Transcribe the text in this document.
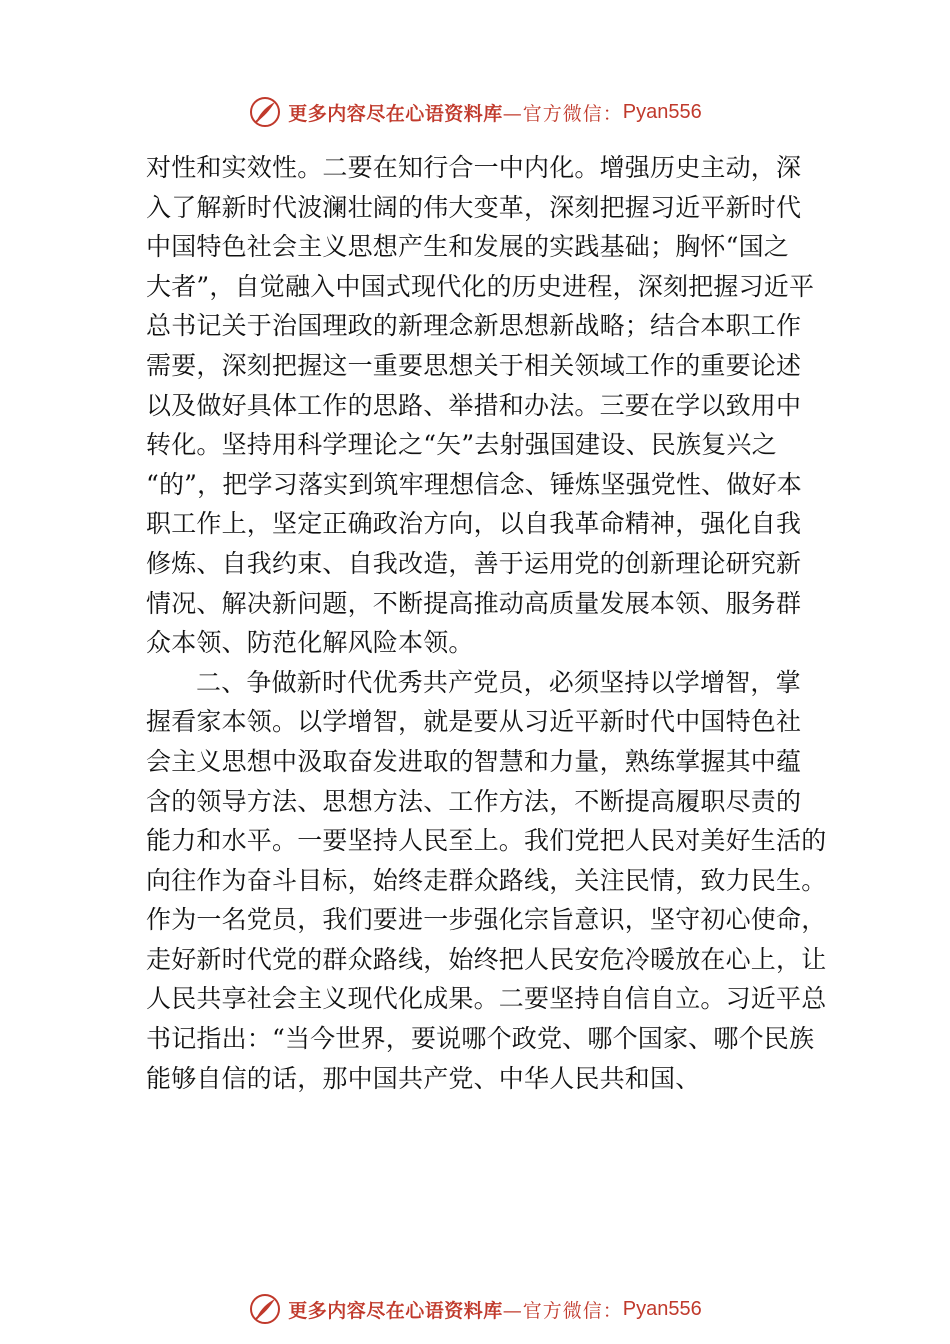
更多内容尽在心语资料库 —官方微信： Pyan556
对性和实效性。二要在知行合一中内化。增强历史主动，深
入了解新时代波澜壮阔的伟大变革，深刻把握习近平新时代
中国特色社会主义思想产生和发展的实践基础；胸怀“国之
大者”，自觉融入中国式现代化的历史进程，深刻把握习近平
总书记关于治国理政的新理念新思想新战略；结合本职工作
需要，深刻把握这一重要思想关于相关领域工作的重要论述
以及做好具体工作的思路、举措和办法。三要在学以致用中
转化。坚持用科学理论之“矢”去射强国建设、民族复兴之
“的”，把学习落实到筑牢理想信念、锤炼坚强党性、做好本
职工作上，坚定正确政治方向，以自我革命精神，强化自我
修炼、自我约束、自我改造，善于运用党的创新理论研究新
情况、解决新问题，不断提高推动高质量发展本领、服务群
众本领、防范化解风险本领。
二、争做新时代优秀共产党员，必须坚持以学增智，掌
握看家本领。以学增智，就是要从习近平新时代中国特色社
会主义思想中汲取奋发进取的智慧和力量，熟练掌握其中蕴
含的领导方法、思想方法、工作方法，不断提高履职尽责的
能力和水平。一要坚持人民至上。我们党把人民对美好生活的
向往作为奋斗目标，始终走群众路线，关注民情，致力民生。
作为一名党员，我们要进一步强化宗旨意识，坚守初心使命，
走好新时代党的群众路线，始终把人民安危冷暖放在心上，让
人民共享社会主义现代化成果。二要坚持自信自立。习近平总
书记指出：“当今世界，要说哪个政党、哪个国家、哪个民族
能够自信的话，那中国共产党、中华人民共和国、
更多内容尽在心语资料库 —官方微信： Pyan556
